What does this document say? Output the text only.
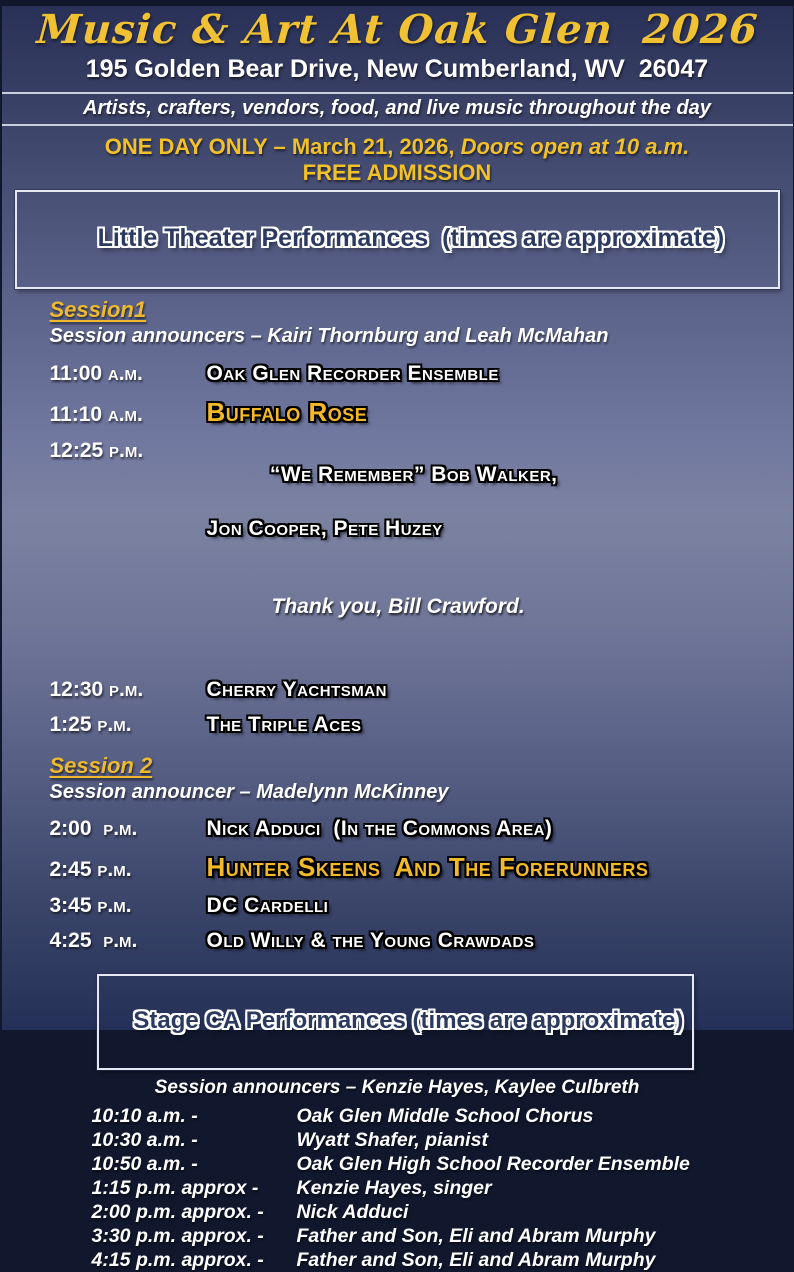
Music & Art At Oak Glen  2026
195 Golden Bear Drive, New Cumberland, WV  26047
Artists, crafters, vendors, food, and live music throughout the day
ONE DAY ONLY – March 21, 2026, Doors open at 10 a.m.
FREE ADMISSION

Little Theater Performances  (times are approximate)

Session1
Session announcers – Kairi Thornburg and Leah McMahan
11:00 a.m.	Oak Glen Recorder Ensemble
11:10 a.m.	Buffalo Rose
12:25 p.m.

“We Remember” Bob Walker,

Jon Cooper, Pete Huzey

Thank you, Bill Crawford.

12:30 p.m.	Cherry Yachtsman
1:25 p.m.	The Triple Aces
Session 2
Session announcer – Madelynn McKinney
2:00  p.m.	Nick Adduci  (In the Commons Area)
2:45 p.m.	Hunter Skeens  And The Forerunners
3:45 p.m.	DC Cardelli
4:25  p.m.	Old Willy & the Young Crawdads

Stage CA Performances (times are approximate)

Session announcers – Kenzie Hayes, Kaylee Culbreth
10:10 a.m. -	Oak Glen Middle School Chorus
10:30 a.m. -	Wyatt Shafer, pianist
10:50 a.m. -	Oak Glen High School Recorder Ensemble
1:15 p.m. approx -	Kenzie Hayes, singer
2:00 p.m. approx. -	Nick Adduci
3:30 p.m. approx. -	Father and Son, Eli and Abram Murphy
4:15 p.m. approx. -	Father and Son, Eli and Abram Murphy
